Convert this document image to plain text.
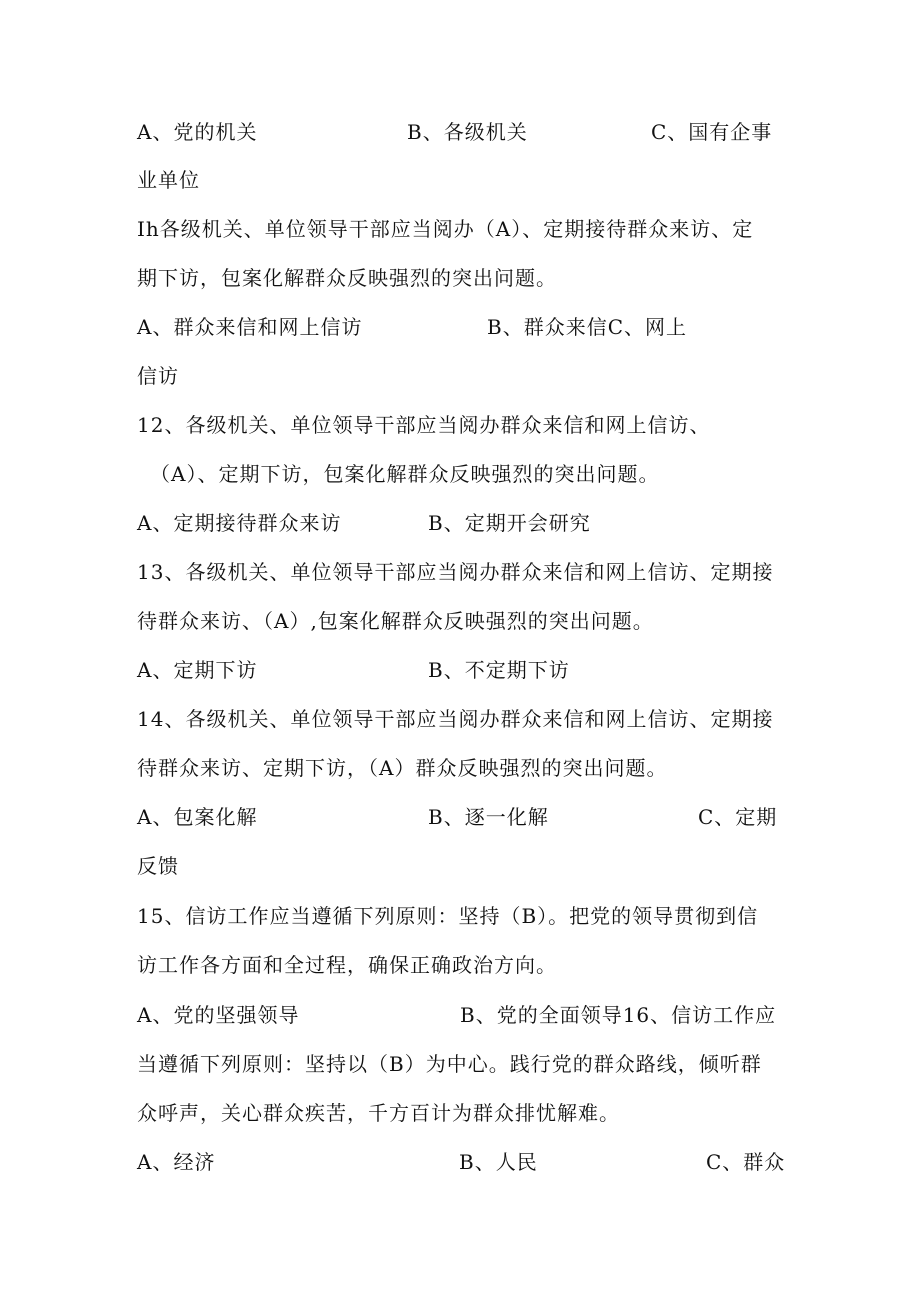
A、党的机关	B、各级机关	C、国有企事
业单位
Ih各级机关、单位领导干部应当阅办（A）、定期接待群众来访、定
期下访，包案化解群众反映强烈的突出问题。
A、群众来信和网上信访	B、群众来信C、网上
信访
12、各级机关、单位领导干部应当阅办群众来信和网上信访、
（A）、定期下访，包案化解群众反映强烈的突出问题。
A、定期接待群众来访	B、定期开会研究
13、各级机关、单位领导干部应当阅办群众来信和网上信访、定期接
待群众来访、（A）,包案化解群众反映强烈的突出问题。
A、定期下访	B、不定期下访
14、各级机关、单位领导干部应当阅办群众来信和网上信访、定期接
待群众来访、定期下访，（A）群众反映强烈的突出问题。
A、包案化解	B、逐一化解	C、定期
反馈
15、信访工作应当遵循下列原则：坚持（B）。把党的领导贯彻到信
访工作各方面和全过程，确保正确政治方向。
A、党的坚强领导	B、党的全面领导16、信访工作应
当遵循下列原则：坚持以（B）为中心。践行党的群众路线，倾听群
众呼声，关心群众疾苦，千方百计为群众排忧解难。
A、经济	B、人民	C、群众
